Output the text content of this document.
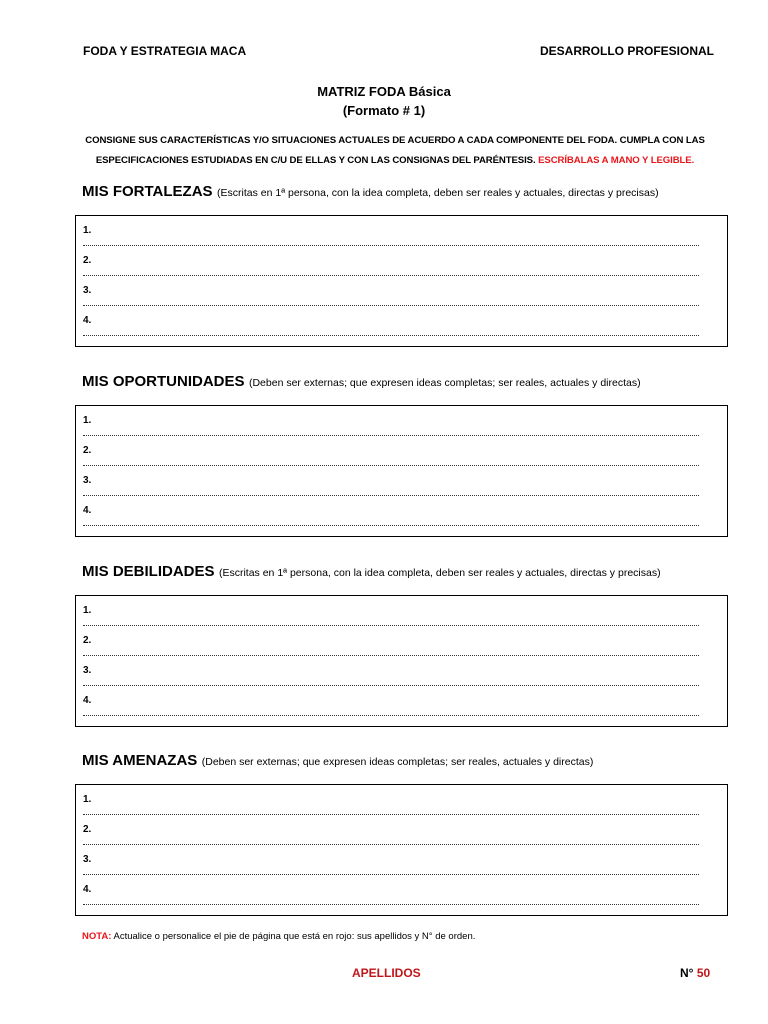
FODA Y ESTRATEGIA MACA	DESARROLLO PROFESIONAL
MATRIZ FODA Básica
(Formato # 1)
CONSIGNE SUS CARACTERÍSTICAS Y/O SITUACIONES ACTUALES DE ACUERDO A CADA COMPONENTE DEL FODA. CUMPLA CON LAS ESPECIFICACIONES ESTUDIADAS EN C/U DE ELLAS Y CON LAS CONSIGNAS DEL PARÉNTESIS. ESCRÍBALAS A MANO Y LEGIBLE.
MIS FORTALEZAS (Escritas en 1ª persona, con la idea completa, deben ser reales y actuales, directas y precisas)
1.
2.
3.
4.
MIS OPORTUNIDADES (Deben ser externas; que expresen ideas completas; ser reales, actuales y directas)
1.
2.
3.
4.
MIS DEBILIDADES (Escritas en 1ª persona, con la idea completa, deben ser reales y actuales, directas y precisas)
1.
2.
3.
4.
MIS AMENAZAS (Deben ser externas; que expresen ideas completas; ser reales, actuales y directas)
1.
2.
3.
4.
NOTA: Actualice o personalice el pie de página que está en rojo: sus apellidos y N° de orden.
APELLIDOS	N° 50
